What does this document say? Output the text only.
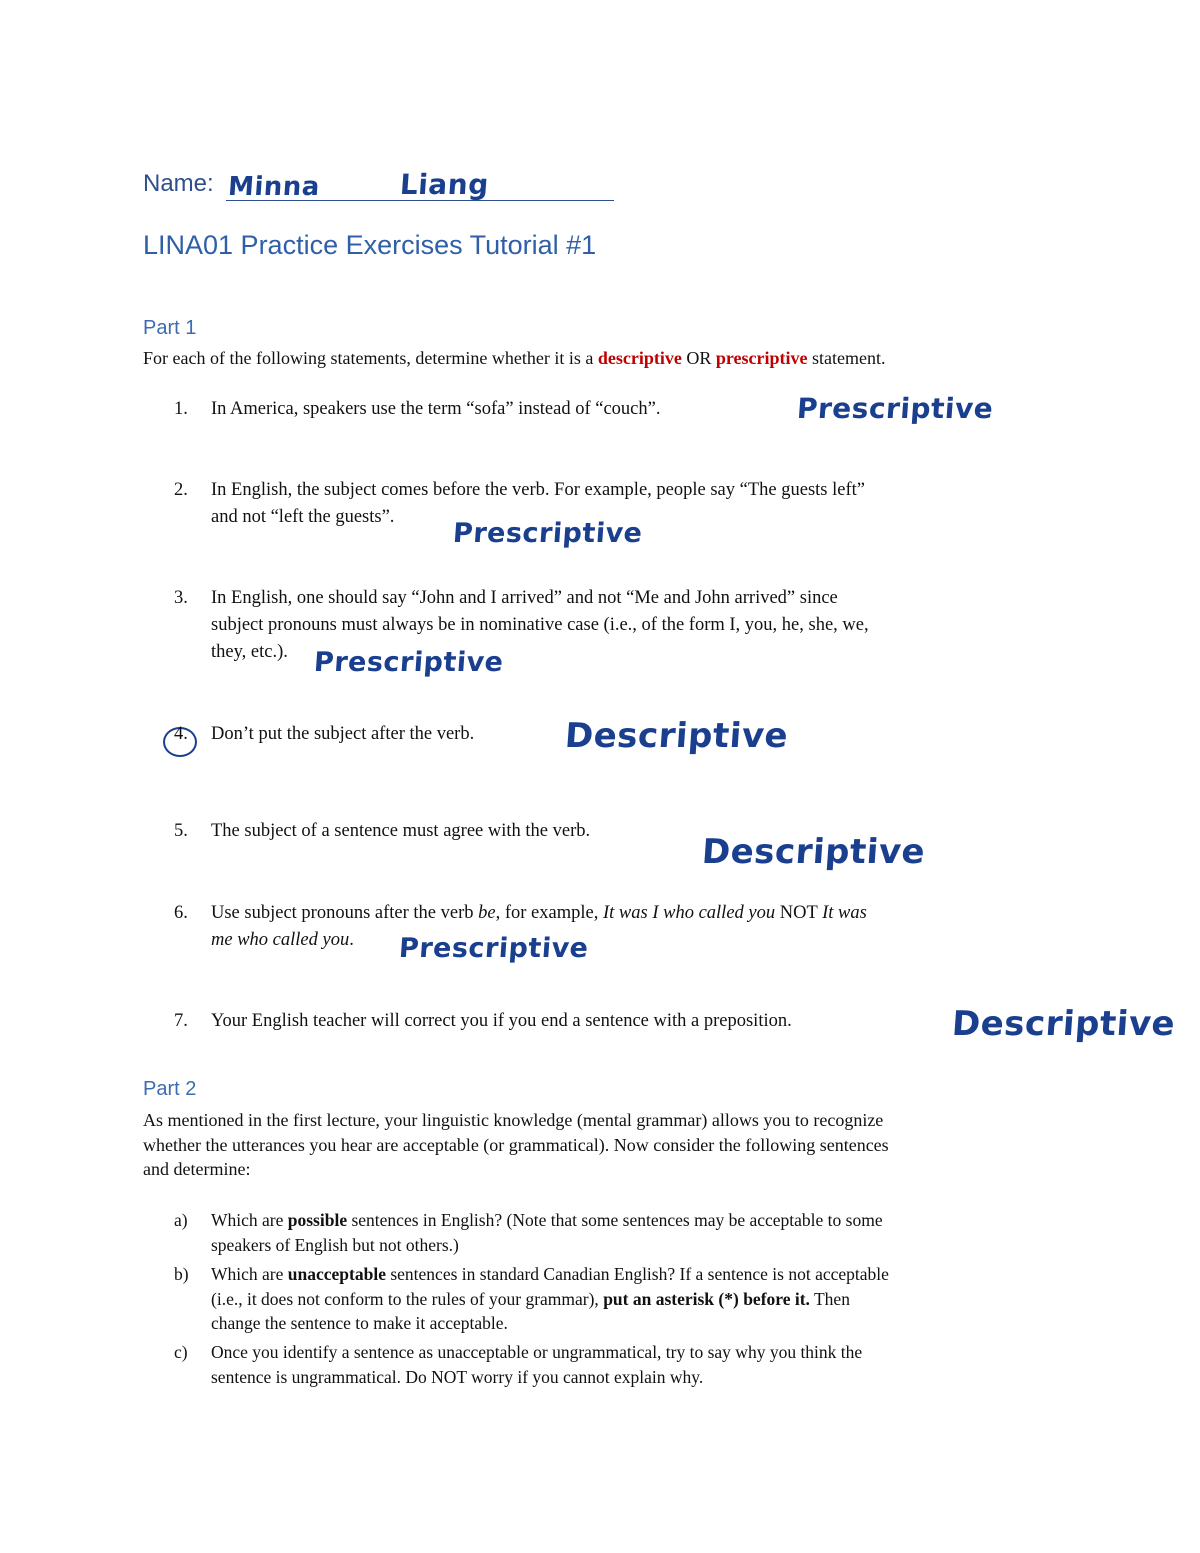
Name: Minna	Liang
LINA01 Practice Exercises Tutorial #1
Part 1
For each of the following statements, determine whether it is a descriptive OR prescriptive statement.
1. In America, speakers use the term “sofa” instead of “couch”.	Prescriptive
2. In English, the subject comes before the verb. For example, people say “The guests left”
and not “left the guests”.
Prescriptive
3. In English, one should say “John and I arrived” and not “Me and John arrived” since
subject pronouns must always be in nominative case (i.e., of the form I, you, he, she, we,
they, etc.). Prescriptive
4. Don’t put the subject after the verb.	Descriptive
5. The subject of a sentence must agree with the verb.
Descriptive
6. Use subject pronouns after the verb be, for example, It was I who called you NOT It was
me who called you.	Prescriptive
7. Your English teacher will correct you if you end a sentence with a preposition.	Descriptive
Part 2
As mentioned in the first lecture, your linguistic knowledge (mental grammar) allows you to recognize
whether the utterances you hear are acceptable (or grammatical). Now consider the following sentences
and determine:
a) Which are possible sentences in English? (Note that some sentences may be acceptable to some
speakers of English but not others.)
b) Which are unacceptable sentences in standard Canadian English? If a sentence is not acceptable
(i.e., it does not conform to the rules of your grammar), put an asterisk (*) before it. Then
change the sentence to make it acceptable.
c) Once you identify a sentence as unacceptable or ungrammatical, try to say why you think the
sentence is ungrammatical. Do NOT worry if you cannot explain why.
